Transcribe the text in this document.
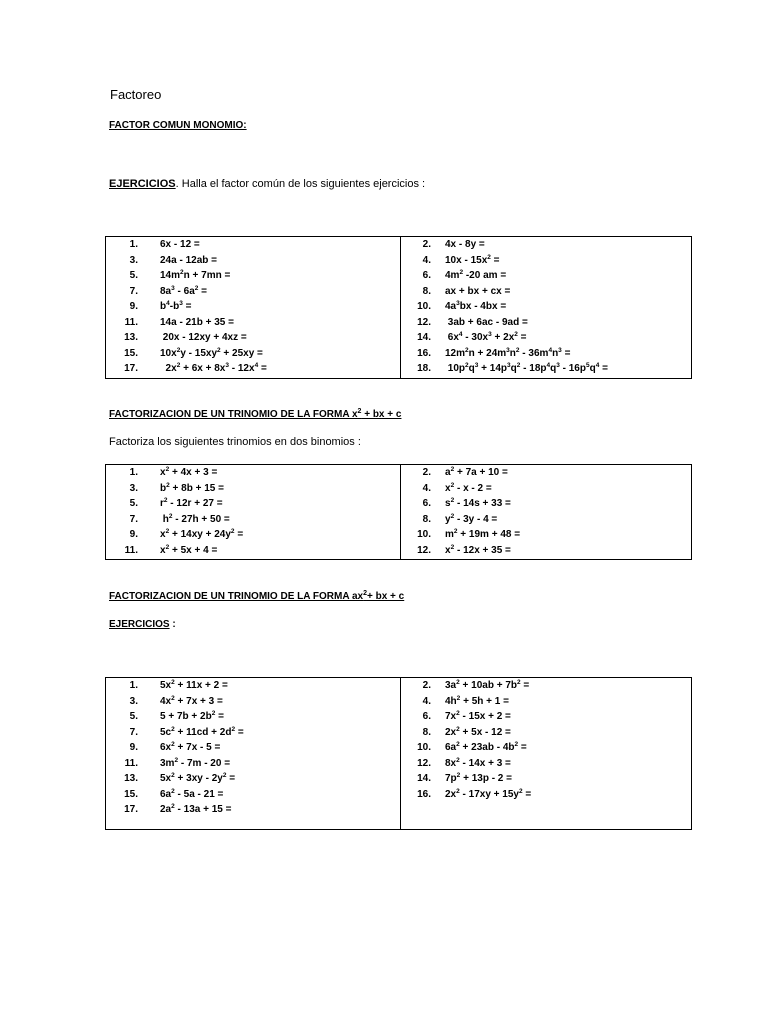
Factoreo
FACTOR COMUN MONOMIO:
EJERCICIOS. Halla el factor común de los siguientes ejercicios :
1. 6x - 12 =
3. 24a - 12ab =
5. $14m^2n + 7mn$ =
7. $8a^3 - 6a^2$ =
9. $b^4-b^3$ =
11. 14a - 21b + 35 =
13. 20x - 12xy + 4xz =
15. $10x^2y - 15xy^2 + 25xy$ =
17.  $2x^2 + 6x + 8x^3 - 12x^4$ =

2. 4x - 8y =
4. $10x - 15x^2$ =
6. $4m^2$ -20 am =
8. ax + bx + cx =
10. $4a^3bx - 4bx$ =
12. 3ab + 6ac - 9ad =
14. $6x^4 - 30x^3 + 2x^2$ =
16. $12m^2n + 24m^3n^2 - 36m^4n^3$ =
18. $10p^2q^3 + 14p^3q^2 - 18p^4q^3 - 16p^5q^4$ =
FACTORIZACION DE UN TRINOMIO DE LA FORMA $x^2$ + bx + c
Factoriza los siguientes trinomios en dos binomios :
1. $x^2 + 4x + 3$ =
3. $b^2 + 8b + 15$ =
5. $r^2 - 12r + 27$ =
7. $h^2 - 27h + 50$ =
9. $x^2 + 14xy + 24y^2$ =
11. $x^2 + 5x + 4$ =

2. $a^2 + 7a + 10$ =
4. $x^2$ - x - 2 =
6. $s^2 - 14s + 33$ =
8. $y^2 - 3y - 4$ =
10. $m^2 + 19m + 48$ =
12. $x^2 - 12x + 35$ =
FACTORIZACION DE UN TRINOMIO DE LA FORMA $ax^2+$ bx + c
EJERCICIOS :
1. $5x^2 + 11x + 2$ =
3. $4x^2 + 7x + 3$ =
5. $5 + 7b + 2b^2$ =
7. $5c^2 + 11cd + 2d^2$ =
9. $6x^2 + 7x - 5$ =
11. $3m^2 - 7m - 20$ =
13. $5x^2 + 3xy - 2y^2$ =
15. $6a^2 - 5a - 21$ =
17. $2a^2 - 13a + 15$ =

2. $3a^2 + 10ab + 7b^2$ =
4. $4h^2 + 5h + 1$ =
6. $7x^2 - 15x + 2$ =
8. $2x^2 + 5x - 12$ =
10. $6a^2 + 23ab - 4b^2$ =
12. $8x^2 - 14x + 3$ =
14. $7p^2 + 13p - 2$ =
16. $2x^2 - 17xy + 15y^2$ =
